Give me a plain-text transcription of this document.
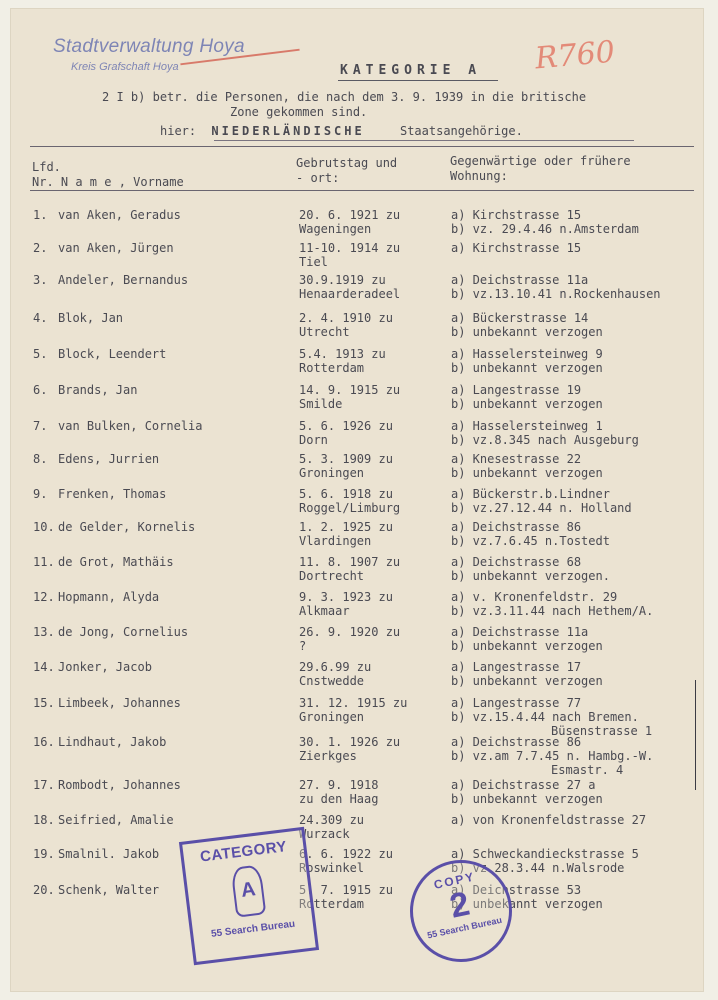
Stadtverwaltung Hoya
Kreis Grafschaft Hoya	R760
KATEGORIE A
2 I b) betr. die Personen, die nach dem 3. 9. 1939 in die britische
Zone gekommen sind.
hier: NIEDERLÄNDISCHE	Staatsangehörige.
Lfd.
Nr. N a m e , Vorname
Gebrutstag und
- ort:
Gegenwärtige oder frühere
Wohnung:
1. van Aken, Geradus	20. 6. 1921 zu
Wageningen
a) Kirchstrasse 15
b) vz. 29.4.46 n.Amsterdam
2. van Aken, Jürgen	11-10. 1914 zu
Tiel
a) Kirchstrasse 15
3. Andeler, Bernandus	30.9.1919 zu
Henaarderadeel
a) Deichstrasse 11a
b) vz.13.10.41 n.Rockenhausen
4. Blok, Jan	2. 4. 1910 zu
Utrecht
a) Bückerstrasse 14
b) unbekannt verzogen
5. Block, Leendert	5.4. 1913 zu
Rotterdam
a) Hasselersteinweg 9
b) unbekannt verzogen
6. Brands, Jan	14. 9. 1915 zu
Smilde
a) Langestrasse 19
b) unbekannt verzogen
7. van Bulken, Cornelia	5. 6. 1926 zu
Dorn
a) Hasselersteinweg 1
b) vz.8.345 nach Ausgeburg
8. Edens, Jurrien	5. 3. 1909 zu
Groningen
a) Knesestrasse 22
b) unbekannt verzogen
9. Frenken, Thomas	5. 6. 1918 zu
Roggel/Limburg
a) Bückerstr.b.Lindner
b) vz.27.12.44 n. Holland
10. de Gelder, Kornelis	1. 2. 1925 zu
Vlardingen
a) Deichstrasse 86
b) vz.7.6.45 n.Tostedt
11. de Grot, Mathäis	11. 8. 1907 zu
Dortrecht
a) Deichstrasse 68
b) unbekannt verzogen.
12. Hopmann, Alyda	9. 3. 1923 zu
Alkmaar
a) v. Kronenfeldstr. 29
b) vz.3.11.44 nach Hethem/A.
13. de Jong, Cornelius	26. 9. 1920 zu
?
a) Deichstrasse 11a
b) unbekannt verzogen
14. Jonker, Jacob	29.6.99 zu
Cnstwedde
a) Langestrasse 17
b) unbekannt verzogen
15. Limbeek, Johannes	31. 12. 1915 zu
Groningen
a) Langestrasse 77
b) vz.15.4.44 nach Bremen.
Büsenstrasse 1
16. Lindhaut, Jakob	30. 1. 1926 zu
Zierkges
a) Deichstrasse 86
b) vz.am 7.7.45 n. Hambg.-W.
Esmastr. 4
17. Rombodt, Johannes	27. 9. 1918
zu den Haag
a) Deichstrasse 27 a
b) unbekannt verzogen
18. Seifried, Amalie	24.309 zu
Wurzack
a) von Kronenfeldstrasse 27
19. Smalnil. Jakob	6. 6. 1922 zu
Roswinkel
a) Schweckandieckstrasse 5
b) vz.28.3.44 n.Walsrode
20. Schenk, Walter	5. 7. 1915 zu
Rotterdam
a) Deichstrasse 53
b) unbekannt verzogen
CATEGORY
A
55 Search Bureau
COPY
2
55 Search Bureau
